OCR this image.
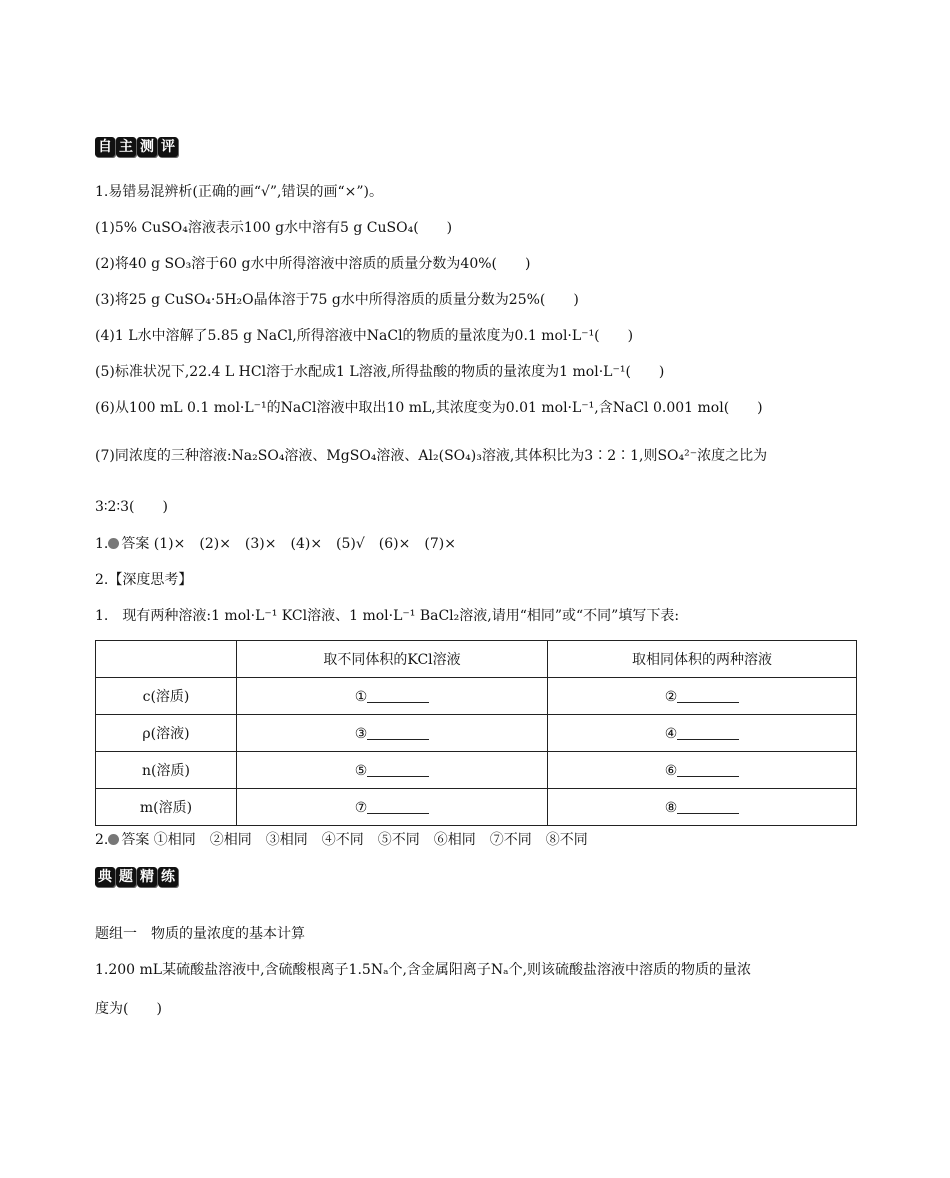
自 主 测 评
1.易错易混辨析(正确的画“√”,错误的画“×”)。
(1)5% CuSO₄溶液表示100 g水中溶有5 g CuSO₄(　　)
(2)将40 g SO₃溶于60 g水中所得溶液中溶质的质量分数为40%(　　)
(3)将25 g CuSO₄·5H₂O晶体溶于75 g水中所得溶质的质量分数为25%(　　)
(4)1 L水中溶解了5.85 g NaCl,所得溶液中NaCl的物质的量浓度为0.1 mol·L⁻¹(　　)
(5)标准状况下,22.4 L HCl溶于水配成1 L溶液,所得盐酸的物质的量浓度为1 mol·L⁻¹(　　)
(6)从100 mL 0.1 mol·L⁻¹的NaCl溶液中取出10 mL,其浓度变为0.01 mol·L⁻¹,含NaCl 0.001 mol(　　)
(7)同浓度的三种溶液:Na₂SO₄溶液、MgSO₄溶液、Al₂(SO₄)₃溶液,其体积比为3∶2∶1,则SO₄²⁻浓度之比为
3∶2∶3(　　)
1. 答案 (1)×　(2)×　(3)×　(4)×　(5)√　(6)×　(7)×
2.【深度思考】
1.　现有两种溶液:1 mol·L⁻¹ KCl溶液、1 mol·L⁻¹ BaCl₂溶液,请用“相同”或“不同”填写下表:
	取不同体积的KCl溶液	取相同体积的两种溶液
c(溶质)	①	②
ρ(溶液)	③	④
n(溶质)	⑤	⑥
m(溶质)	⑦	⑧
2. 答案 ①相同　②相同　③相同　④不同　⑤不同　⑥相同　⑦不同　⑧不同
典 题 精 练
题组一　物质的量浓度的基本计算
1.200 mL某硫酸盐溶液中,含硫酸根离子1.5Nₐ个,含金属阳离子Nₐ个,则该硫酸盐溶液中溶质的物质的量浓
度为(　　)
